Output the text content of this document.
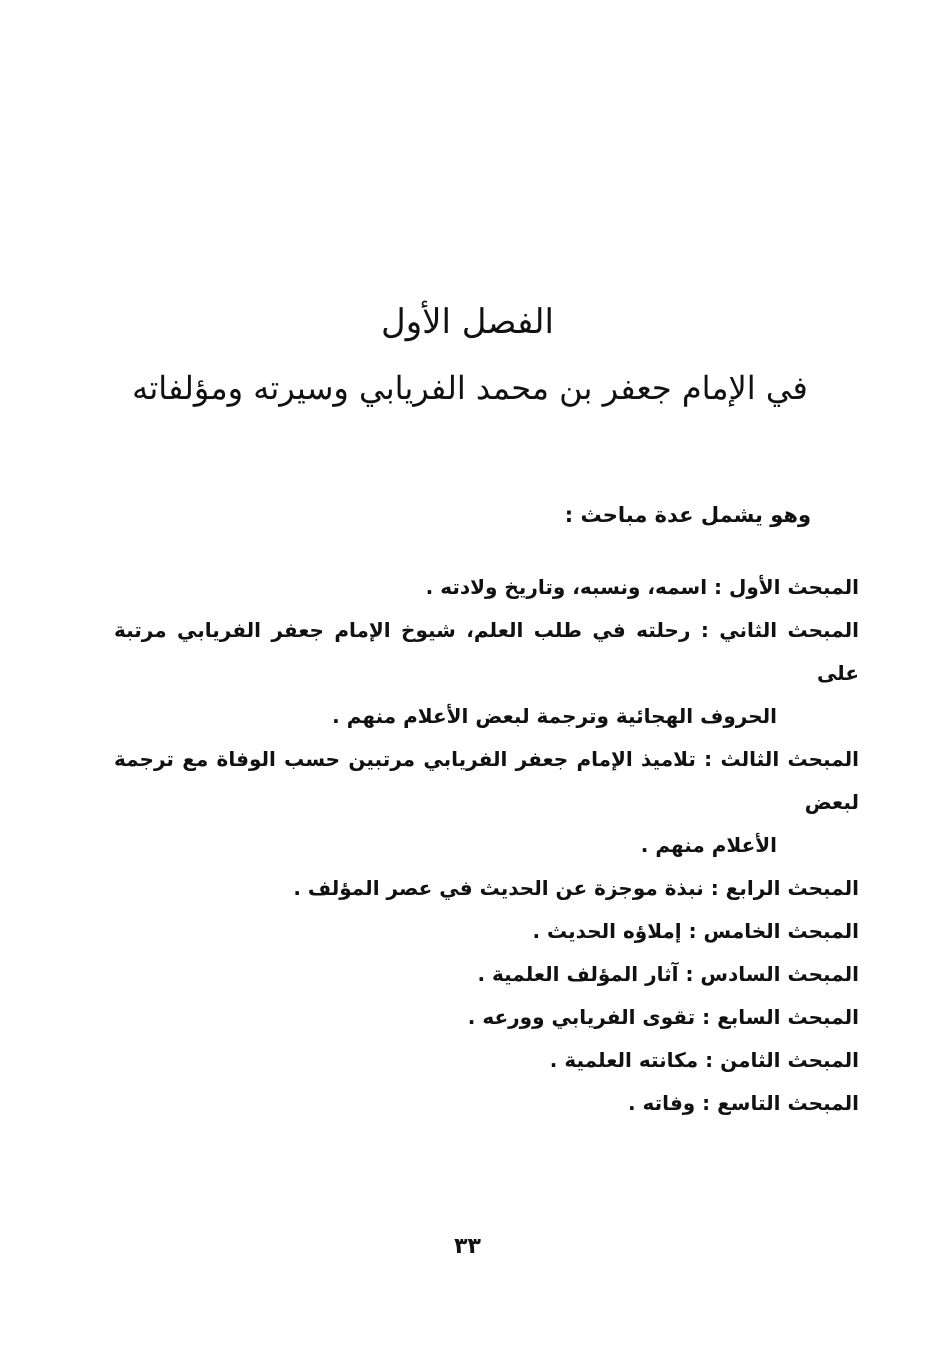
الفصل الأول
في الإمام جعفر بن محمد الفريابي وسيرته ومؤلفاته
وهو يشمل عدة مباحث :
المبحث الأول : اسمه، ونسبه، وتاريخ ولادته .
المبحث الثاني : رحلته في طلب العلم، شيوخ الإمام جعفر الفريابي مرتبة على
الحروف الهجائية وترجمة لبعض الأعلام منهم .
المبحث الثالث : تلاميذ الإمام جعفر الفريابي مرتبين حسب الوفاة مع ترجمة لبعض
الأعلام منهم .
المبحث الرابع : نبذة موجزة عن الحديث في عصر المؤلف .
المبحث الخامس : إملاؤه الحديث .
المبحث السادس : آثار المؤلف العلمية .
المبحث السابع : تقوى الفريابي وورعه .
المبحث الثامن : مكانته العلمية .
المبحث التاسع : وفاته .
٣٣
